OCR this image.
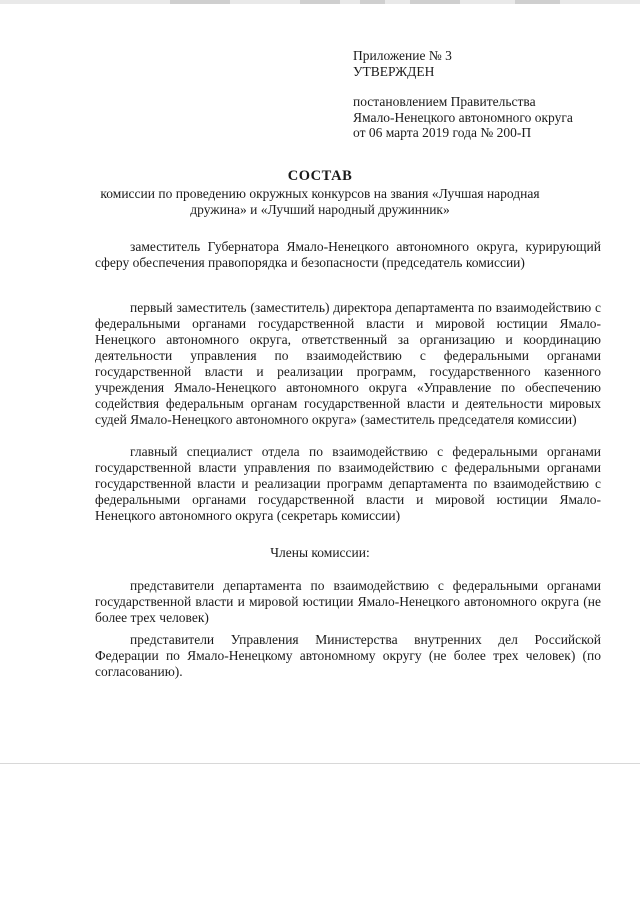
Приложение № 3
УТВЕРЖДЕН
постановлением Правительства
Ямало-Ненецкого автономного округа
от 06 марта 2019 года № 200-П
СОСТАВ
комиссии по проведению окружных конкурсов на звания «Лучшая народная дружина» и «Лучший народный дружинник»

заместитель Губернатора Ямало-Ненецкого автономного округа, курирующий сферу обеспечения правопорядка и безопасности (председатель комиссии)

первый заместитель (заместитель) директора департамента по взаимодействию с федеральными органами государственной власти и мировой юстиции Ямало-Ненецкого автономного округа, ответственный за организацию и координацию деятельности управления по взаимодействию с федеральными органами государственной власти и реализации программ, государственного казенного учреждения Ямало-Ненецкого автономного округа «Управление по обеспечению содействия федеральным органам государственной власти и деятельности мировых судей Ямало-Ненецкого автономного округа» (заместитель председателя комиссии)

главный специалист отдела по взаимодействию с федеральными органами государственной власти управления по взаимодействию с федеральными органами государственной власти и реализации программ департамента по взаимодействию с федеральными органами государственной власти и мировой юстиции Ямало-Ненецкого автономного округа (секретарь комиссии)

Члены комиссии:

представители департамента по взаимодействию с федеральными органами государственной власти и мировой юстиции Ямало-Ненецкого автономного округа (не более трех человек)

представители Управления Министерства внутренних дел Российской Федерации по Ямало-Ненецкому автономному округу (не более трех человек) (по согласованию).
